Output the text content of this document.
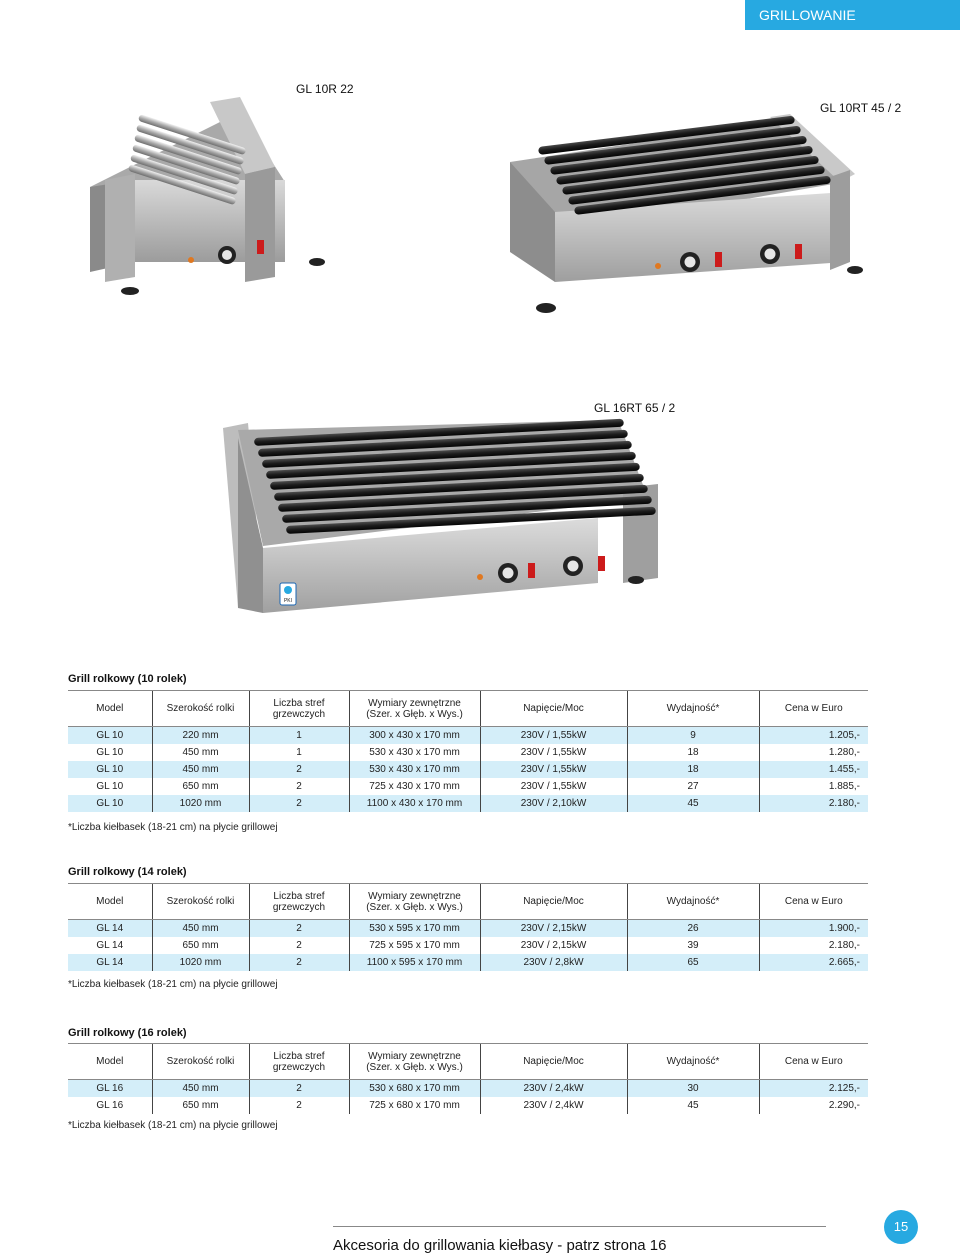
GRILLOWANIE
GL 10R 22
GL 10RT 45 / 2
GL 16RT 65 / 2
PKI
Grill rolkowy (10 rolek)
Model	Szerokość rolki	Liczba stref
grzewczych	Wymiary zewnętrzne
(Szer. x Głęb. x Wys.)	Napięcie/Moc	Wydajność*	Cena w Euro
GL 10	220 mm	1	300 x 430 x 170 mm	230V / 1,55kW	9	1.205,-
GL 10	450 mm	1	530 x 430 x 170 mm	230V / 1,55kW	18	1.280,-
GL 10	450 mm	2	530 x 430 x 170 mm	230V / 1,55kW	18	1.455,-
GL 10	650 mm	2	725 x 430 x 170 mm	230V / 1,55kW	27	1.885,-
GL 10	1020 mm	2	1100 x 430 x 170 mm	230V / 2,10kW	45	2.180,-
*Liczba kiełbasek (18-21 cm) na płycie grillowej
Grill rolkowy (14 rolek)
Model	Szerokość rolki	Liczba stref
grzewczych	Wymiary zewnętrzne
(Szer. x Głęb. x Wys.)	Napięcie/Moc	Wydajność*	Cena w Euro
GL 14	450 mm	2	530 x 595 x 170 mm	230V / 2,15kW	26	1.900,-
GL 14	650 mm	2	725 x 595 x 170 mm	230V / 2,15kW	39	2.180,-
GL 14	1020 mm	2	1100 x 595 x 170 mm	230V / 2,8kW	65	2.665,-
*Liczba kiełbasek (18-21 cm) na płycie grillowej
Grill rolkowy (16 rolek)
Model	Szerokość rolki	Liczba stref
grzewczych	Wymiary zewnętrzne
(Szer. x Głęb. x Wys.)	Napięcie/Moc	Wydajność*	Cena w Euro
GL 16	450 mm	2	530 x 680 x 170 mm	230V / 2,4kW	30	2.125,-
GL 16	650 mm	2	725 x 680 x 170 mm	230V / 2,4kW	45	2.290,-
*Liczba kiełbasek (18-21 cm) na płycie grillowej
Akcesoria do grillowania kiełbasy - patrz strona 16
15
